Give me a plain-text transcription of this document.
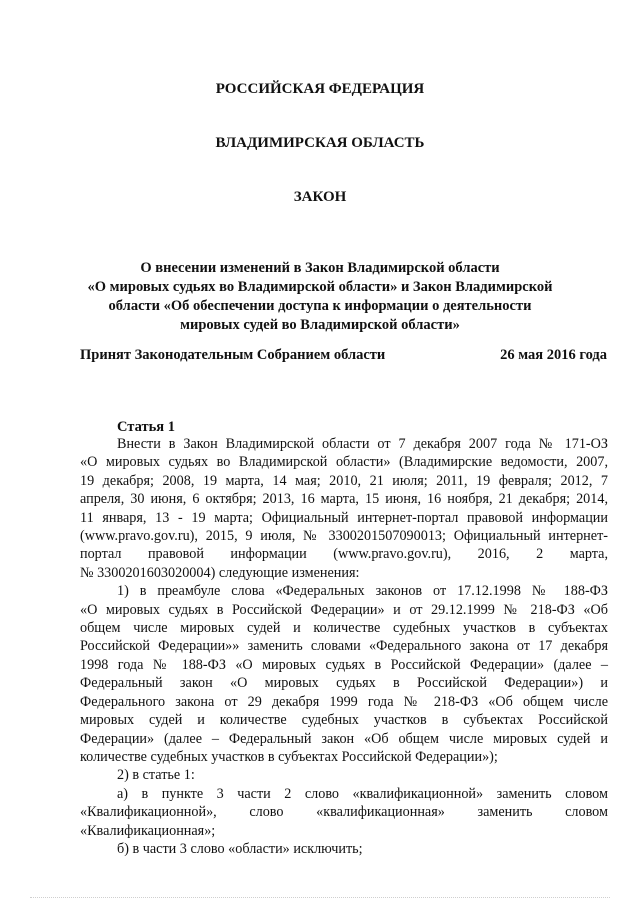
РОССИЙСКАЯ ФЕДЕРАЦИЯ
ВЛАДИМИРСКАЯ ОБЛАСТЬ
ЗАКОН
О внесении изменений в Закон Владимирской области
«О мировых судьях во Владимирской области» и Закон Владимирской
области «Об обеспечении доступа к информации о деятельности
мировых судей во Владимирской области»
Принят Законодательным Собранием области	26 мая 2016 года
Статья 1
Внести в Закон Владимирской области от 7 декабря 2007 года № 171-ОЗ
«О мировых судьях во Владимирской области» (Владимирские ведомости, 2007,
19 декабря; 2008, 19 марта, 14 мая; 2010, 21 июля; 2011, 19 февраля; 2012, 7
апреля, 30 июня, 6 октября; 2013, 16 марта, 15 июня, 16 ноября, 21 декабря; 2014,
11 января, 13 - 19 марта; Официальный интернет-портал правовой информации
(www.pravo.gov.ru), 2015, 9 июля, № 3300201507090013; Официальный интернет-
портал правовой информации (www.pravo.gov.ru), 2016, 2 марта,
№ 3300201603020004) следующие изменения:
1) в преамбуле слова «Федеральных законов от 17.12.1998 № 188-ФЗ
«О мировых судьях в Российской Федерации» и от 29.12.1999 № 218-ФЗ «Об
общем числе мировых судей и количестве судебных участков в субъектах
Российской Федерации»» заменить словами «Федерального закона от 17 декабря
1998 года № 188-ФЗ «О мировых судьях в Российской Федерации» (далее –
Федеральный закон «О мировых судьях в Российской Федерации») и
Федерального закона от 29 декабря 1999 года № 218-ФЗ «Об общем числе
мировых судей и количестве судебных участков в субъектах Российской
Федерации» (далее – Федеральный закон «Об общем числе мировых судей и
количестве судебных участков в субъектах Российской Федерации»);
2) в статье 1:
а) в пункте 3 части 2 слово «квалификационной» заменить словом
«Квалификационной», слово «квалификационная» заменить словом
«Квалификационная»;
б) в части 3 слово «области» исключить;
